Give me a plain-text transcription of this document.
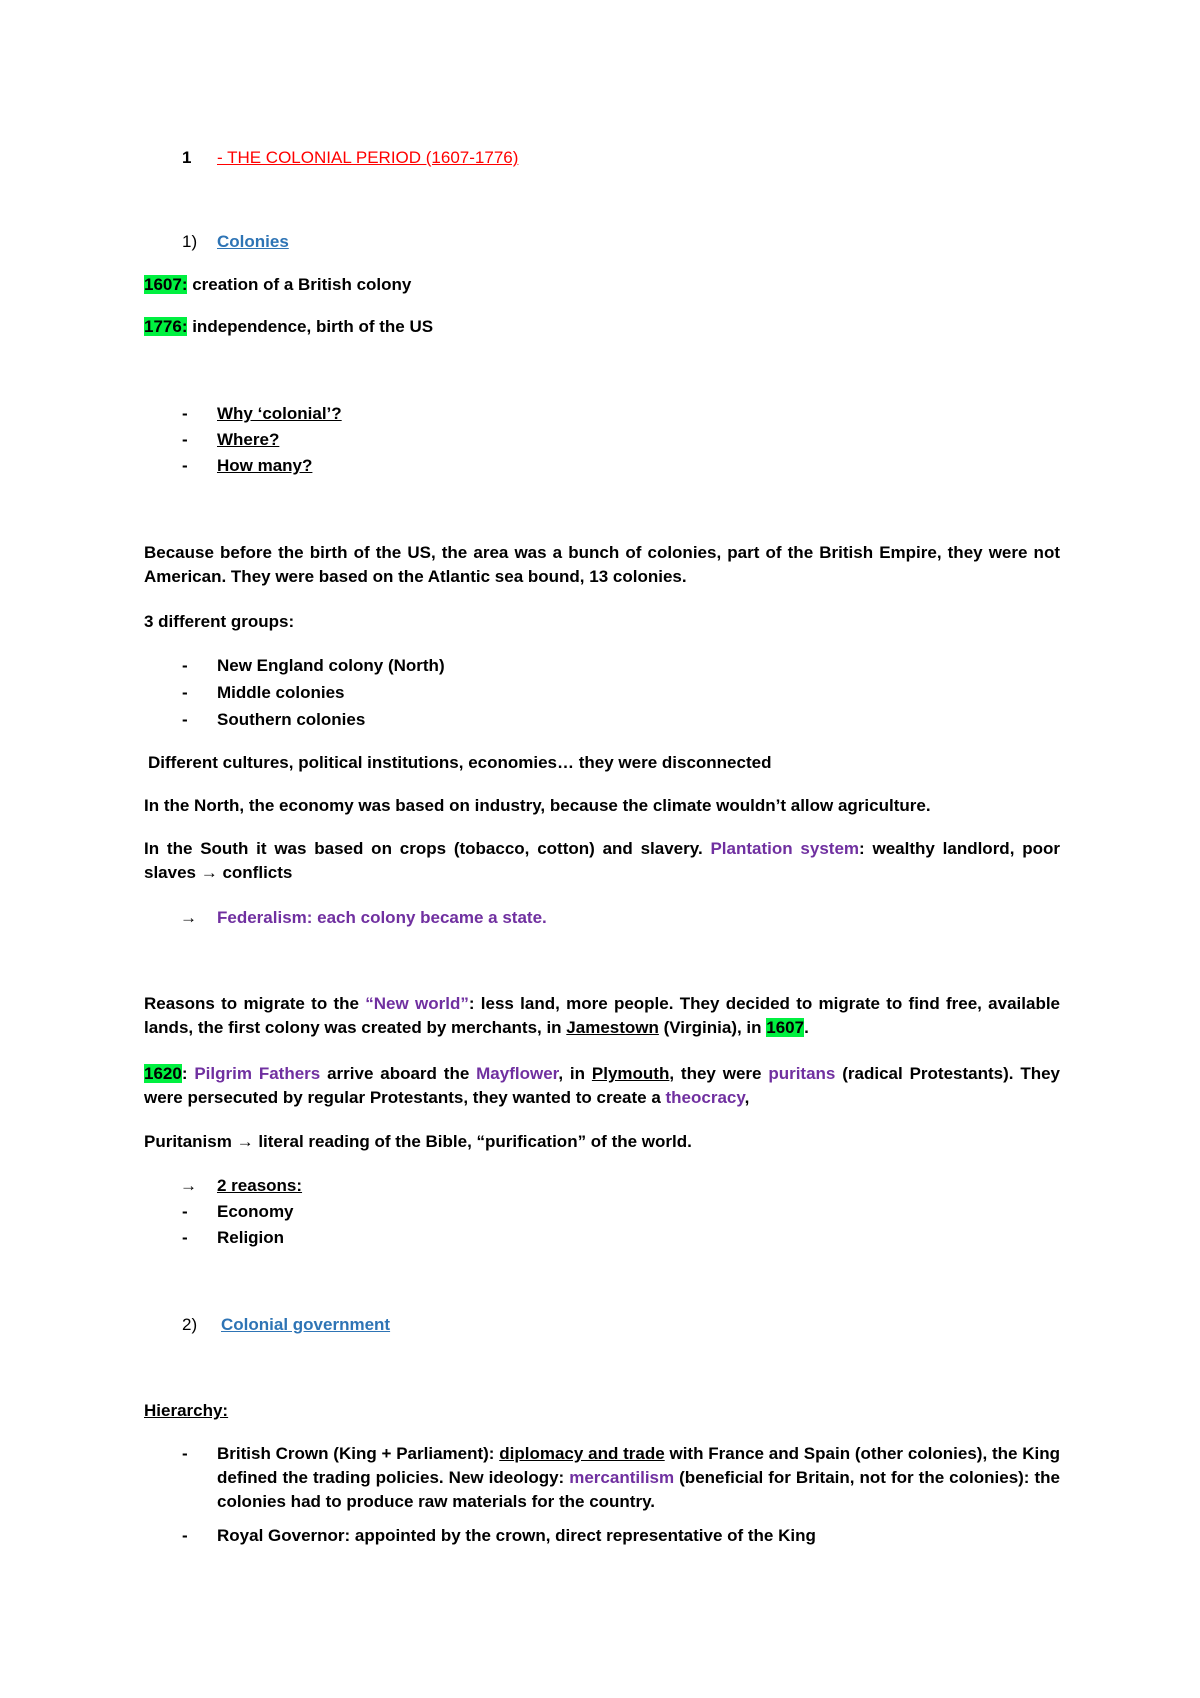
1 - THE COLONIAL PERIOD (1607-1776)
1) Colonies
1607: creation of a British colony
1776: independence, birth of the US
- Why ‘colonial’?
- Where?
- How many?
Because before the birth of the US, the area was a bunch of colonies, part of the British Empire, they were not American. They were based on the Atlantic sea bound, 13 colonies.
3 different groups:
- New England colony (North)
- Middle colonies
- Southern colonies
Different cultures, political institutions, economies… they were disconnected
In the North, the economy was based on industry, because the climate wouldn’t allow agriculture.
In the South it was based on crops (tobacco, cotton) and slavery. Plantation system: wealthy landlord, poor slaves → conflicts
→ Federalism: each colony became a state.
Reasons to migrate to the “New world”: less land, more people. They decided to migrate to find free, available lands, the first colony was created by merchants, in Jamestown (Virginia), in 1607.
1620: Pilgrim Fathers arrive aboard the Mayflower, in Plymouth, they were puritans (radical Protestants). They were persecuted by regular Protestants, they wanted to create a theocracy,
Puritanism → literal reading of the Bible, “purification” of the world.
→ 2 reasons:
- Economy
- Religion
2) Colonial government
Hierarchy:
- British Crown (King + Parliament): diplomacy and trade with France and Spain (other colonies), the King defined the trading policies. New ideology: mercantilism (beneficial for Britain, not for the colonies): the colonies had to produce raw materials for the country.
- Royal Governor: appointed by the crown, direct representative of the King
